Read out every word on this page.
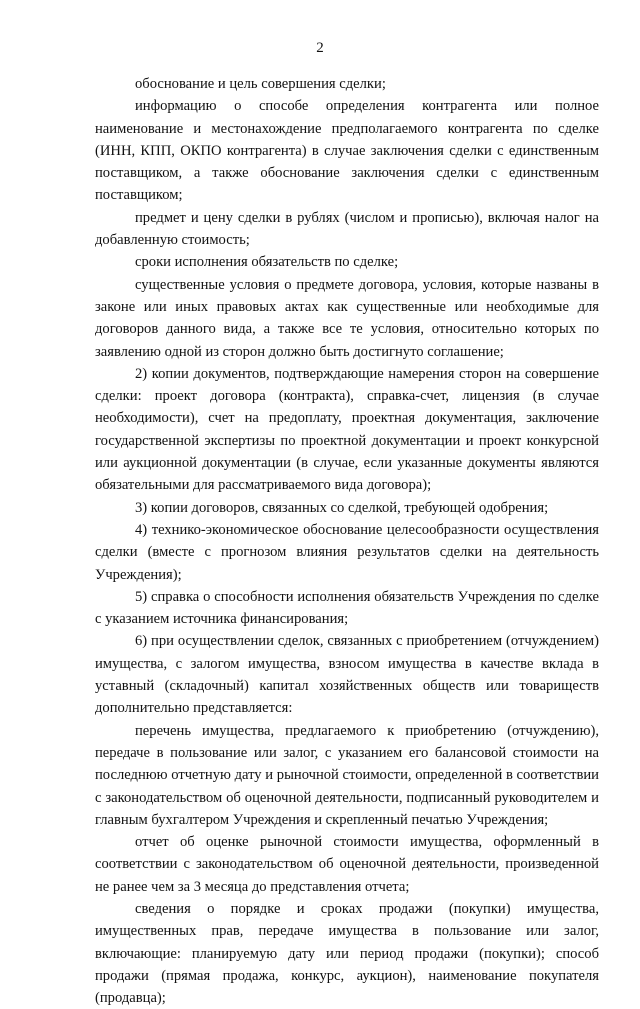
2

обоснование и цель совершения сделки;

информацию о способе определения контрагента или полное наименование и местонахождение предполагаемого контрагента по сделке (ИНН, КПП, ОКПО контрагента) в случае заключения сделки с единственным поставщиком, а также обоснование заключения сделки с единственным поставщиком;

предмет и цену сделки в рублях (числом и прописью), включая налог на добавленную стоимость;

сроки исполнения обязательств по сделке;

существенные условия о предмете договора, условия, которые названы в законе или иных правовых актах как существенные или необходимые для договоров данного вида, а также все те условия, относительно которых по заявлению одной из сторон должно быть достигнуто соглашение;

2) копии документов, подтверждающие намерения сторон на совершение сделки: проект договора (контракта), справка-счет, лицензия (в случае необходимости), счет на предоплату, проектная документация, заключение государственной экспертизы по проектной документации и проект конкурсной или аукционной документации (в случае, если указанные документы являются обязательными для рассматриваемого вида договора);

3) копии договоров, связанных со сделкой, требующей одобрения;

4) технико-экономическое обоснование целесообразности осуществления сделки (вместе с прогнозом влияния результатов сделки на деятельность Учреждения);

5) справка о способности исполнения обязательств Учреждения по сделке с указанием источника финансирования;

6) при осуществлении сделок, связанных с приобретением (отчуждением) имущества, с залогом имущества, взносом имущества в качестве вклада в уставный (складочный) капитал хозяйственных обществ или товариществ дополнительно представляется:

перечень имущества, предлагаемого к приобретению (отчуждению), передаче в пользование или залог, с указанием его балансовой стоимости на последнюю отчетную дату и рыночной стоимости, определенной в соответствии с законодательством об оценочной деятельности, подписанный руководителем и главным бухгалтером Учреждения и скрепленный печатью Учреждения;

отчет об оценке рыночной стоимости имущества, оформленный в соответствии с законодательством об оценочной деятельности, произведенной не ранее чем за 3 месяца до представления отчета;

сведения о порядке и сроках продажи (покупки) имущества, имущественных прав, передаче имущества в пользование или залог, включающие: планируемую дату или период продажи (покупки); способ продажи (прямая продажа, конкурс, аукцион), наименование покупателя (продавца);
